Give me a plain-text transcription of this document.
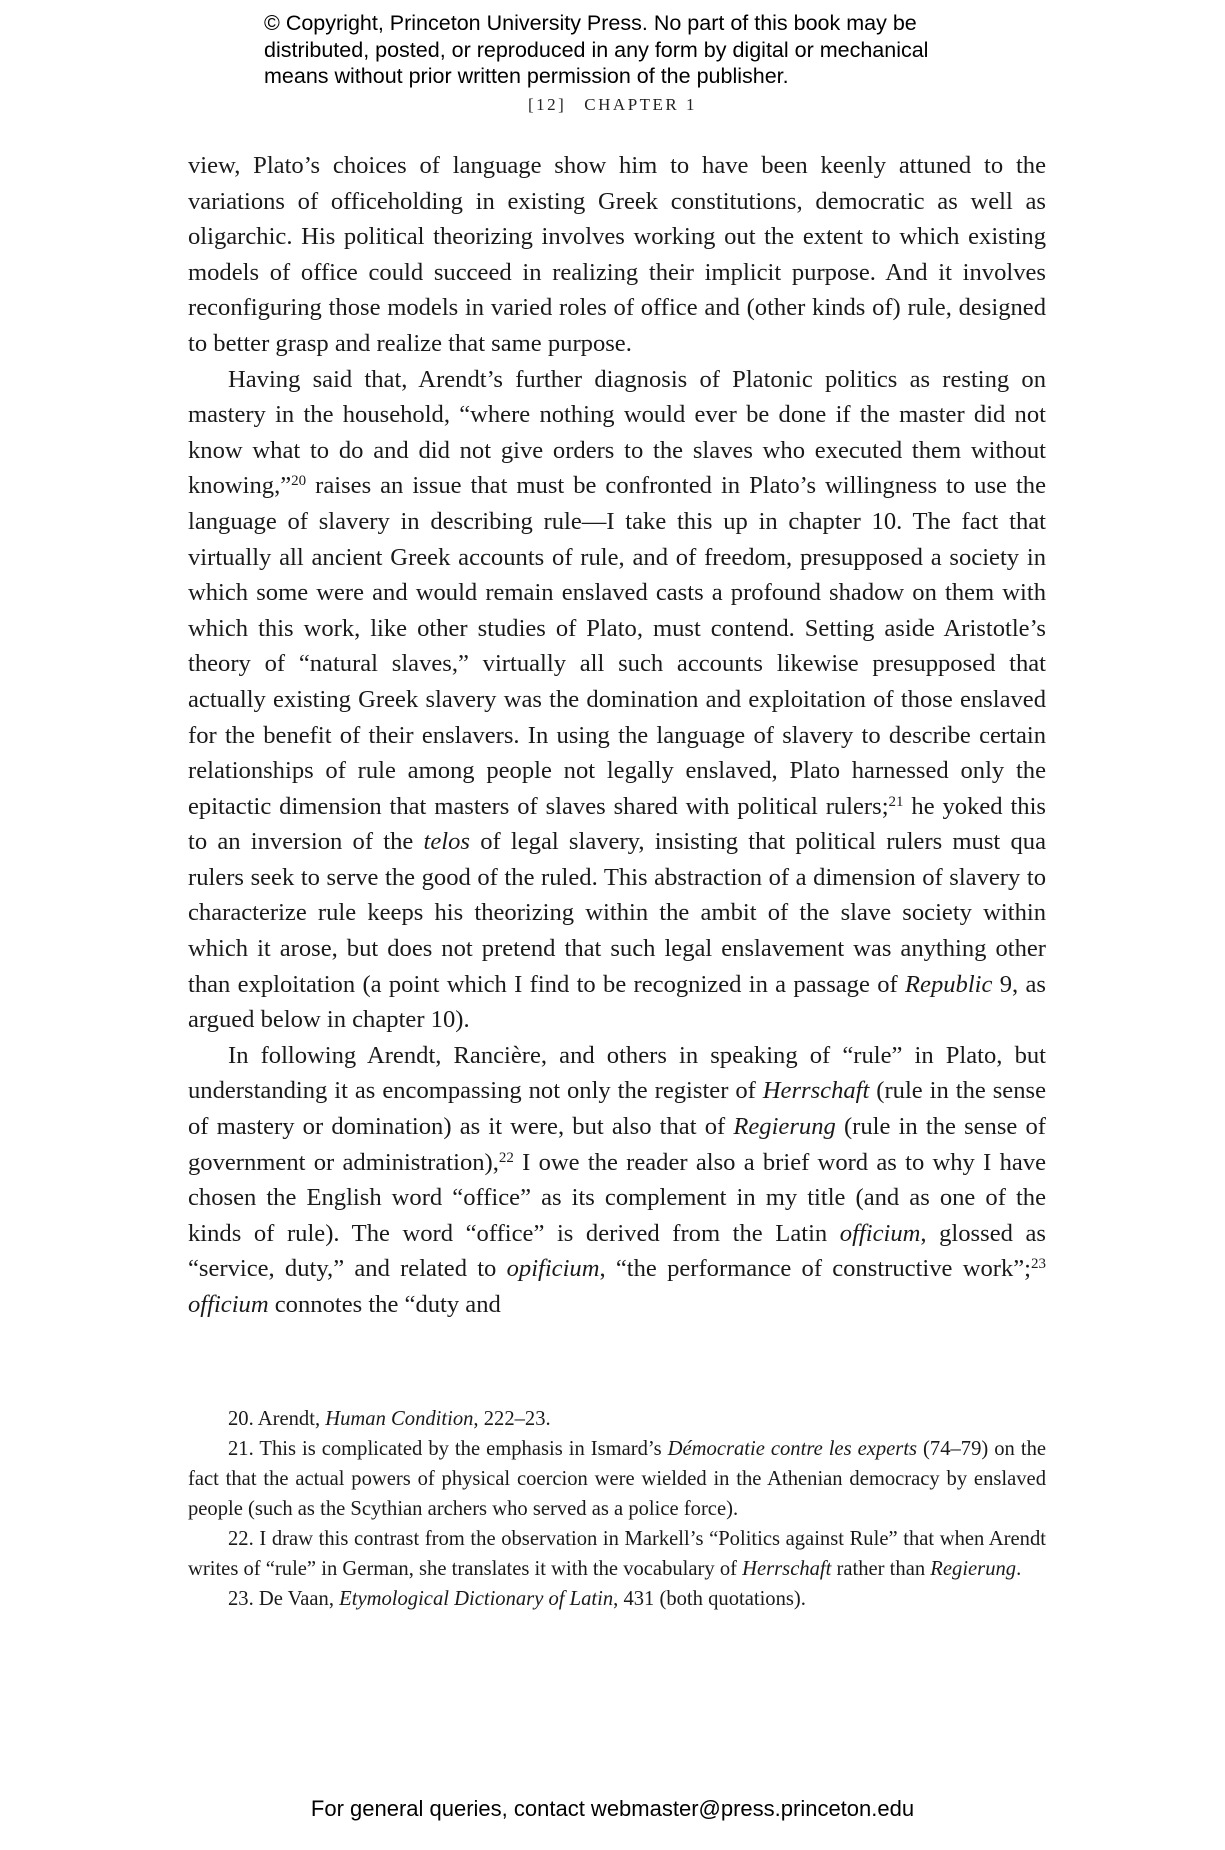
© Copyright, Princeton University Press. No part of this book may be
distributed, posted, or reproduced in any form by digital or mechanical
means without prior written permission of the publisher.
[12] CHAPTER 1

view, Plato’s choices of language show him to have been keenly attuned to the variations of officeholding in existing Greek constitutions, democratic as well as oligarchic. His political theorizing involves working out the extent to which existing models of office could succeed in realizing their implicit purpose. And it involves reconfiguring those models in varied roles of office and (other kinds of) rule, designed to better grasp and realize that same purpose.

Having said that, Arendt’s further diagnosis of Platonic politics as resting on mastery in the household, “where nothing would ever be done if the master did not know what to do and did not give orders to the slaves who executed them without knowing,”$^{20}$ raises an issue that must be confronted in Plato’s willingness to use the language of slavery in describing rule—I take this up in chapter 10. The fact that virtually all ancient Greek accounts of rule, and of freedom, presupposed a society in which some were and would remain enslaved casts a profound shadow on them with which this work, like other studies of Plato, must contend. Setting aside Aristotle’s theory of “natural slaves,” virtually all such accounts likewise presupposed that actually existing Greek slavery was the domination and exploitation of those enslaved for the benefit of their enslavers. In using the language of slavery to describe certain relationships of rule among people not legally enslaved, Plato harnessed only the epitactic dimension that masters of slaves shared with political rulers;$^{21}$ he yoked this to an inversion of the telos of legal slavery, insisting that political rulers must qua rulers seek to serve the good of the ruled. This abstraction of a dimension of slavery to characterize rule keeps his theorizing within the ambit of the slave society within which it arose, but does not pretend that such legal enslavement was anything other than exploitation (a point which I find to be recognized in a passage of Republic 9, as argued below in chapter 10).

In following Arendt, Rancière, and others in speaking of “rule” in Plato, but understanding it as encompassing not only the register of Herrschaft (rule in the sense of mastery or domination) as it were, but also that of Regierung (rule in the sense of government or administration),$^{22}$ I owe the reader also a brief word as to why I have chosen the English word “office” as its complement in my title (and as one of the kinds of rule). The word “office” is derived from the Latin officium, glossed as “service, duty,” and related to opificium, “the performance of constructive work”;$^{23}$ officium connotes the “duty and

20. Arendt, Human Condition, 222–23.

21. This is complicated by the emphasis in Ismard’s Démocratie contre les experts (74–79) on the fact that the actual powers of physical coercion were wielded in the Athenian democracy by enslaved people (such as the Scythian archers who served as a police force).

22. I draw this contrast from the observation in Markell’s “Politics against Rule” that when Arendt writes of “rule” in German, she translates it with the vocabulary of Herrschaft rather than Regierung.

23. De Vaan, Etymological Dictionary of Latin, 431 (both quotations).

For general queries, contact webmaster@press.princeton.edu
